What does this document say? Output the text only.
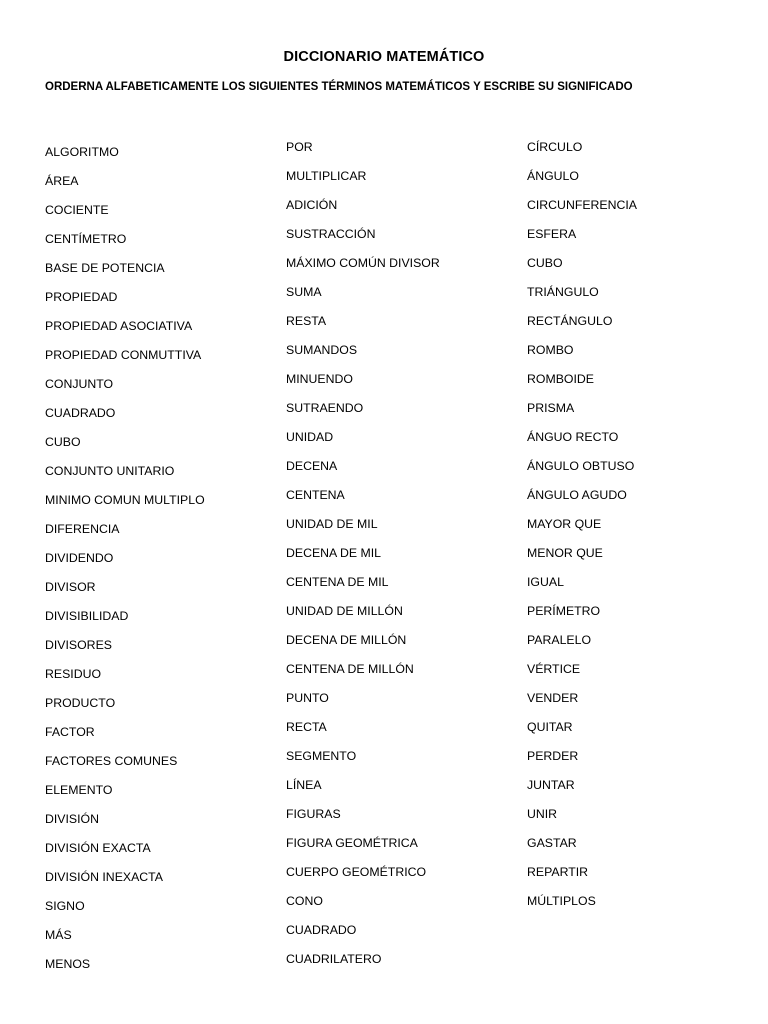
DICCIONARIO MATEMÁTICO
ORDERNA ALFABETICAMENTE LOS SIGUIENTES TÉRMINOS MATEMÁTICOS Y ESCRIBE SU SIGNIFICADO
ALGORITMO
ÁREA
COCIENTE
CENTÍMETRO
BASE DE POTENCIA
PROPIEDAD
PROPIEDAD ASOCIATIVA
PROPIEDAD CONMUTTIVA
CONJUNTO
CUADRADO
CUBO
CONJUNTO UNITARIO
MINIMO COMUN MULTIPLO
DIFERENCIA
DIVIDENDO
DIVISOR
DIVISIBILIDAD
DIVISORES
RESIDUO
PRODUCTO
FACTOR
FACTORES COMUNES
ELEMENTO
DIVISIÓN
DIVISIÓN EXACTA
DIVISIÓN INEXACTA
SIGNO
MÁS
MENOS
POR
MULTIPLICAR
ADICIÓN
SUSTRACCIÓN
MÁXIMO COMÚN DIVISOR
SUMA
RESTA
SUMANDOS
MINUENDO
SUTRAENDO
UNIDAD
DECENA
CENTENA
UNIDAD DE MIL
DECENA DE MIL
CENTENA DE MIL
UNIDAD DE MILLÓN
DECENA DE MILLÓN
CENTENA DE MILLÓN
PUNTO
RECTA
SEGMENTO
LÍNEA
FIGURAS
FIGURA GEOMÉTRICA
CUERPO GEOMÉTRICO
CONO
CUADRADO
CUADRILATERO
CÍRCULO
ÁNGULO
CIRCUNFERENCIA
ESFERA
CUBO
TRIÁNGULO
RECTÁNGULO
ROMBO
ROMBOIDE
PRISMA
ÁNGUO RECTO
ÁNGULO OBTUSO
ÁNGULO AGUDO
MAYOR QUE
MENOR QUE
IGUAL
PERÍMETRO
PARALELO
VÉRTICE
VENDER
QUITAR
PERDER
JUNTAR
UNIR
GASTAR
REPARTIR
MÚLTIPLOS
